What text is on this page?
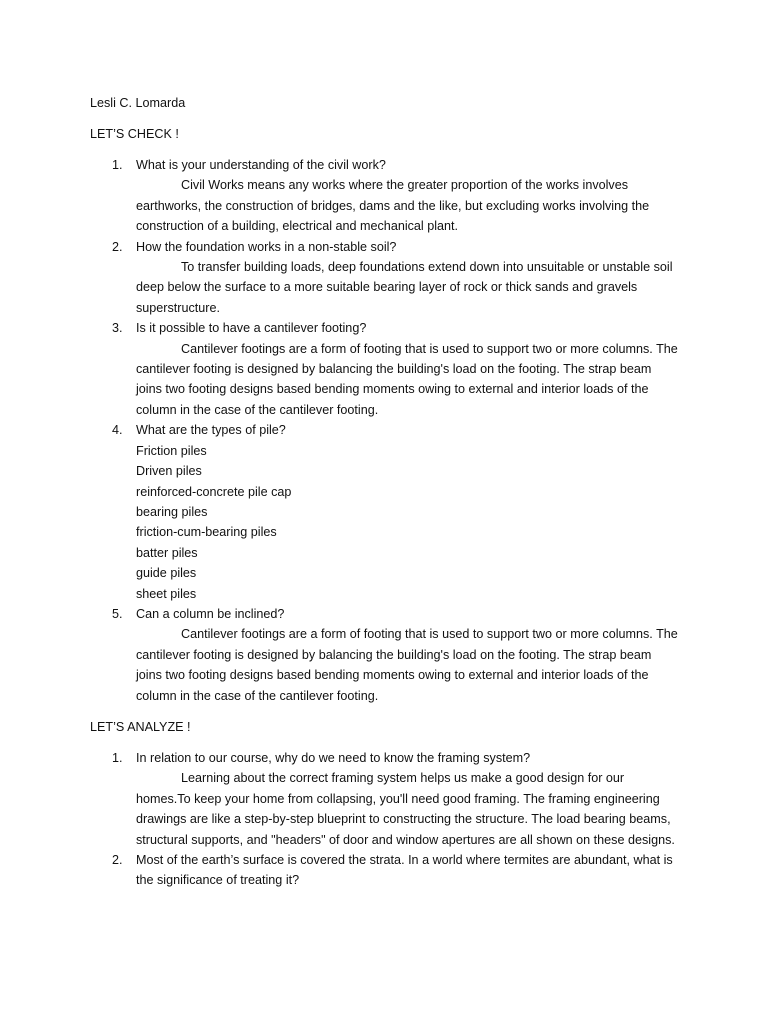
Lesli C. Lomarda
LET’S CHECK !
1. What is your understanding of the civil work?

Civil Works means any works where the greater proportion of the works involves earthworks, the construction of bridges, dams and the like, but excluding works involving the construction of a building, electrical and mechanical plant.

2. How the foundation works in a non-stable soil?

To transfer building loads, deep foundations extend down into unsuitable or unstable soil deep below the surface to a more suitable bearing layer of rock or thick sands and gravels superstructure.

3. Is it possible to have a cantilever footing?

Cantilever footings are a form of footing that is used to support two or more columns. The cantilever footing is designed by balancing the building's load on the footing. The strap beam joins two footing designs based bending moments owing to external and interior loads of the column in the case of the cantilever footing.

4. What are the types of pile?
Friction piles
Driven piles
reinforced-concrete pile cap
bearing piles
friction-cum-bearing piles
batter piles
guide piles
sheet piles
5. Can a column be inclined?

Cantilever footings are a form of footing that is used to support two or more columns. The cantilever footing is designed by balancing the building's load on the footing. The strap beam joins two footing designs based bending moments owing to external and interior loads of the column in the case of the cantilever footing.

LET’S ANALYZE !
1. In relation to our course, why do we need to know the framing system?

Learning about the correct framing system helps us make a good design for our homes.To keep your home from collapsing, you'll need good framing. The framing engineering drawings are like a step-by-step blueprint to constructing the structure. The load bearing beams, structural supports, and "headers" of door and window apertures are all shown on these designs.

2. Most of the earth’s surface is covered the strata. In a world where termites are abundant, what is the significance of treating it?
